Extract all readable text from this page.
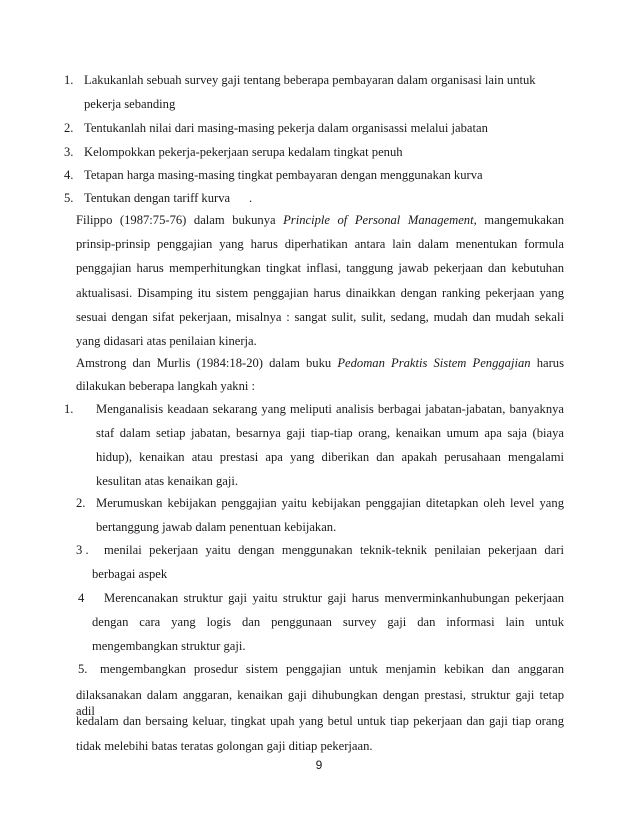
1. Lakukanlah sebuah survey gaji tentang beberapa pembayaran dalam organisasi lain untuk
pekerja sebanding
2. Tentukanlah nilai dari masing-masing pekerja dalam organisassi melalui jabatan
3. Kelompokkan pekerja-pekerjaan serupa kedalam tingkat penuh
4. Tetapan harga masing-masing tingkat pembayaran dengan menggunakan kurva
5. Tentukan dengan tariff kurva      .
Filippo (1987:75-76) dalam bukunya Principle of Personal Management, mangemukakan
prinsip-prinsip penggajian yang harus diperhatikan antara lain dalam menentukan formula
penggajian harus memperhitungkan tingkat inflasi, tanggung jawab pekerjaan dan kebutuhan
aktualisasi. Disamping itu sistem penggajian harus dinaikkan dengan ranking pekerjaan yang
sesuai dengan sifat pekerjaan, misalnya : sangat sulit, sulit, sedang, mudah dan mudah sekali
yang didasari atas penilaian kinerja.
Amstrong dan Murlis (1984:18-20) dalam buku Pedoman Praktis Sistem Penggajian harus
dilakukan beberapa langkah yakni :
1. Menganalisis keadaan sekarang yang meliputi analisis berbagai jabatan-jabatan, banyaknya
staf dalam setiap jabatan, besarnya gaji tiap-tiap orang, kenaikan umum apa saja (biaya
hidup), kenaikan atau prestasi apa yang diberikan dan apakah perusahaan mengalami
kesulitan atas kenaikan gaji.
2. Merumuskan kebijakan penggajian yaitu kebijakan penggajian ditetapkan oleh level yang
bertanggung jawab dalam penentuan kebijakan.
3 . menilai pekerjaan yaitu dengan menggunakan teknik-teknik penilaian pekerjaan dari
berbagai aspek
4 Merencanakan struktur gaji yaitu struktur gaji harus menverminkanhubungan pekerjaan
dengan cara yang logis dan penggunaan survey gaji dan informasi lain untuk
mengembangkan struktur gaji.
5. mengembangkan prosedur sistem penggajian untuk menjamin kebikan dan anggaran
dilaksanakan dalam anggaran, kenaikan gaji dihubungkan dengan prestasi, struktur gaji tetap adil
kedalam dan bersaing keluar, tingkat upah yang betul untuk tiap pekerjaan dan gaji tiap orang
tidak melebihi batas teratas golongan gaji ditiap pekerjaan.
9
